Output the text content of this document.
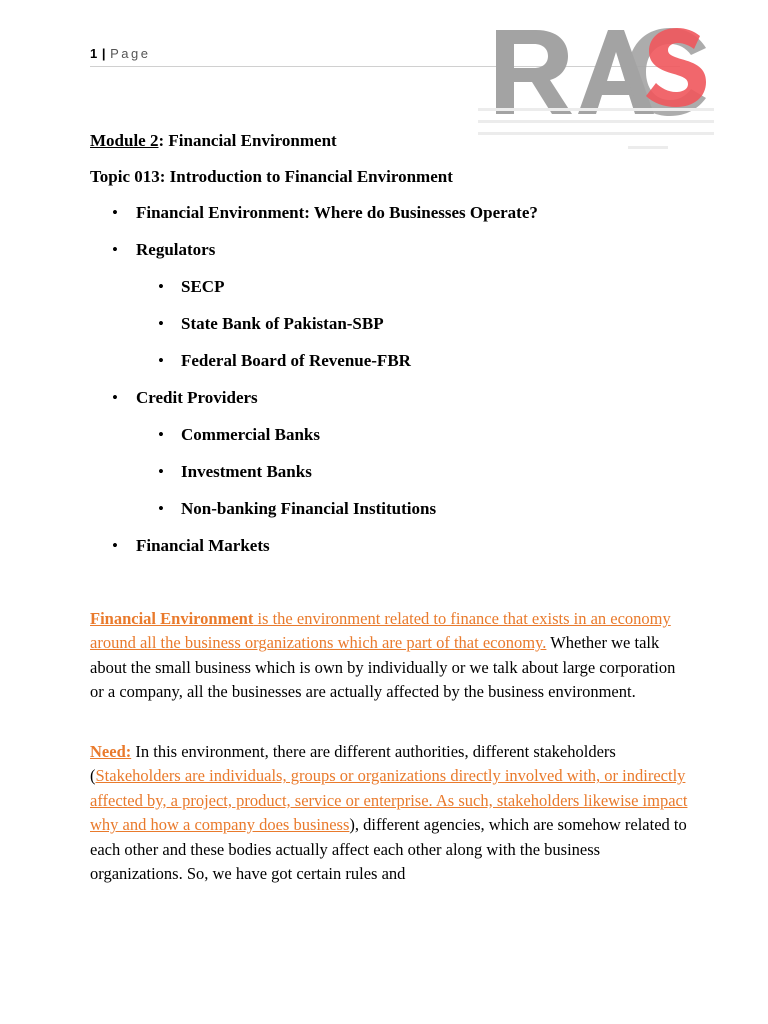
1 | Page
RAGS

Module 2: Financial Environment

Topic 013: Introduction to Financial Environment

• Financial Environment: Where do Businesses Operate?
• Regulators
• SECP
• State Bank of Pakistan-SBP
• Federal Board of Revenue-FBR
• Credit Providers
• Commercial Banks
• Investment Banks
• Non-banking Financial Institutions
• Financial Markets

Financial Environment is the environment related to finance that exists in an economy around all the business organizations which are part of that economy. Whether we talk about the small business which is own by individually or we talk about large corporation or a company, all the businesses are actually affected by the business environment.

Need: In this environment, there are different authorities, different stakeholders (Stakeholders are individuals, groups or organizations directly involved with, or indirectly affected by, a project, product, service or enterprise. As such, stakeholders likewise impact why and how a company does business), different agencies, which are somehow related to each other and these bodies actually affect each other along with the business organizations. So, we have got certain rules and
